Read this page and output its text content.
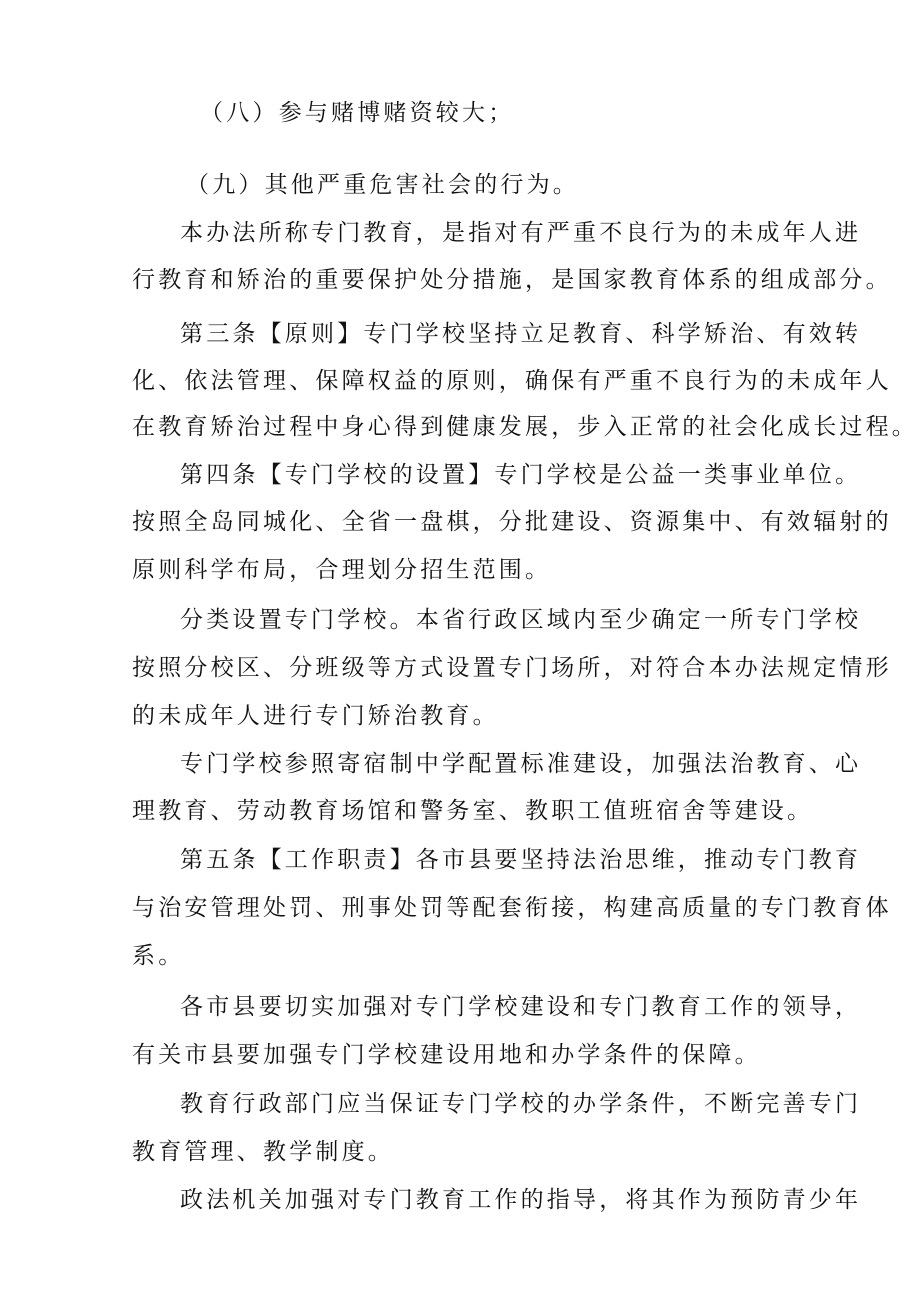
（八）参与赌博赌资较大；
（九）其他严重危害社会的行为。
本办法所称专门教育，是指对有严重不良行为的未成年人进
行教育和矫治的重要保护处分措施，是国家教育体系的组成部分。
第三条【原则】专门学校坚持立足教育、科学矫治、有效转
化、依法管理、保障权益的原则，确保有严重不良行为的未成年人
在教育矫治过程中身心得到健康发展，步入正常的社会化成长过程。
第四条【专门学校的设置】专门学校是公益一类事业单位。
按照全岛同城化、全省一盘棋，分批建设、资源集中、有效辐射的
原则科学布局，合理划分招生范围。
分类设置专门学校。本省行政区域内至少确定一所专门学校
按照分校区、分班级等方式设置专门场所，对符合本办法规定情形
的未成年人进行专门矫治教育。
专门学校参照寄宿制中学配置标准建设，加强法治教育、心
理教育、劳动教育场馆和警务室、教职工值班宿舍等建设。
第五条【工作职责】各市县要坚持法治思维，推动专门教育
与治安管理处罚、刑事处罚等配套衔接，构建高质量的专门教育体
系。
各市县要切实加强对专门学校建设和专门教育工作的领导，
有关市县要加强专门学校建设用地和办学条件的保障。
教育行政部门应当保证专门学校的办学条件，不断完善专门
教育管理、教学制度。
政法机关加强对专门教育工作的指导，将其作为预防青少年
